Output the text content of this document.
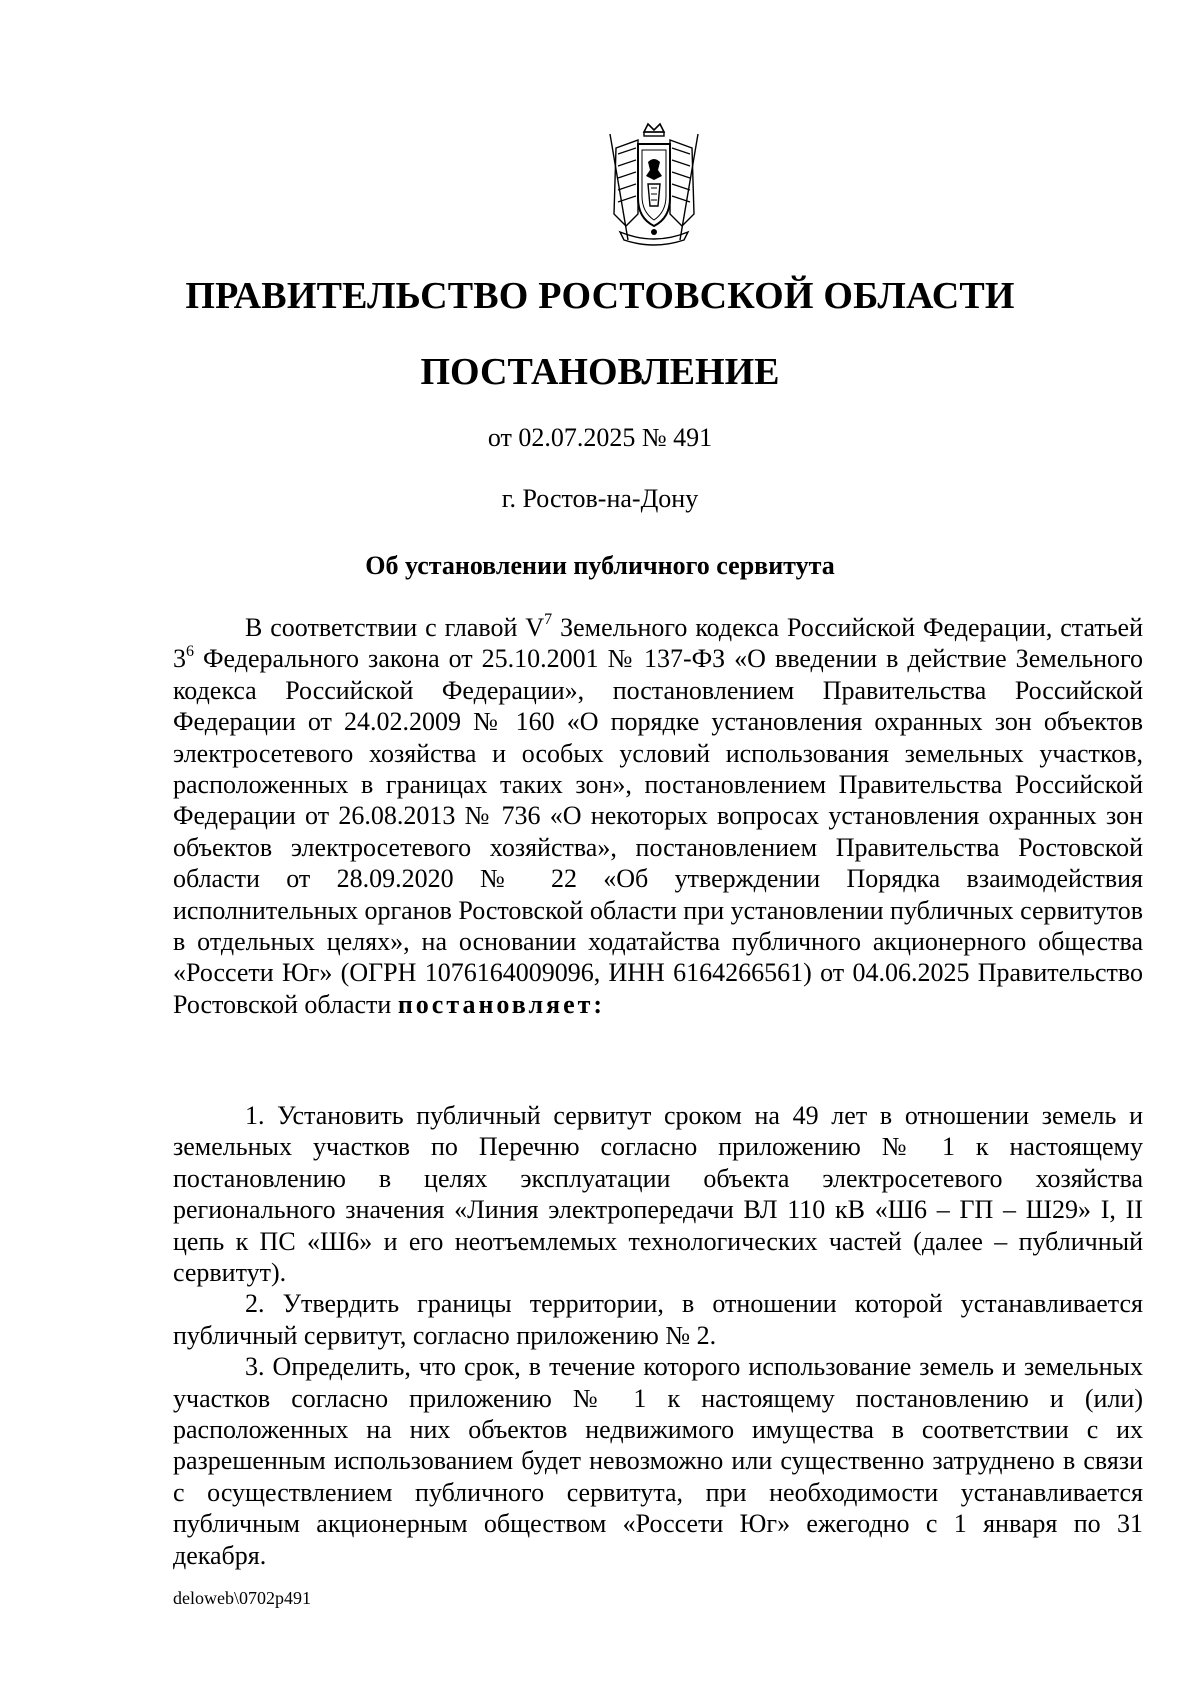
ПРАВИТЕЛЬСТВО РОСТОВСКОЙ ОБЛАСТИ
ПОСТАНОВЛЕНИЕ
от 02.07.2025 № 491
г. Ростов-на-Дону
Об установлении публичного сервитута
В соответствии с главой $V^7$ Земельного кодекса Российской Федерации, статьей $3^6$ Федерального закона от 25.10.2001 № 137-ФЗ «О введении в действие Земельного кодекса Российской Федерации», постановлением Правительства Российской Федерации от 24.02.2009 № 160 «О порядке установления охранных зон объектов электросетевого хозяйства и особых условий использования земельных участков, расположенных в границах таких зон», постановлением Правительства Российской Федерации от 26.08.2013 № 736 «О некоторых вопросах установления охранных зон объектов электросетевого хозяйства», постановлением Правительства Ростовской области от 28.09.2020 № 22 «Об утверждении Порядка взаимодействия исполнительных органов Ростовской области при установлении публичных сервитутов в отдельных целях», на основании ходатайства публичного акционерного общества «Россети Юг» (ОГРН 1076164009096, ИНН 6164266561) от 04.06.2025 Правительство Ростовской области постановляет:

1. Установить публичный сервитут сроком на 49 лет в отношении земель и земельных участков по Перечню согласно приложению № 1 к настоящему постановлению в целях эксплуатации объекта электросетевого хозяйства регионального значения «Линия электропередачи ВЛ 110 кВ «Ш6 – ГП – Ш29» I, II цепь к ПС «Ш6» и его неотъемлемых технологических частей (далее – публичный сервитут).

2. Утвердить границы территории, в отношении которой устанавливается публичный сервитут, согласно приложению № 2.

3. Определить, что срок, в течение которого использование земель и земельных участков согласно приложению № 1 к настоящему постановлению и (или) расположенных на них объектов недвижимого имущества в соответствии с их разрешенным использованием будет невозможно или существенно затруднено в связи с осуществлением публичного сервитута, при необходимости устанавливается публичным акционерным обществом «Россети Юг» ежегодно с 1 января по 31 декабря.

deloweb\0702p491
